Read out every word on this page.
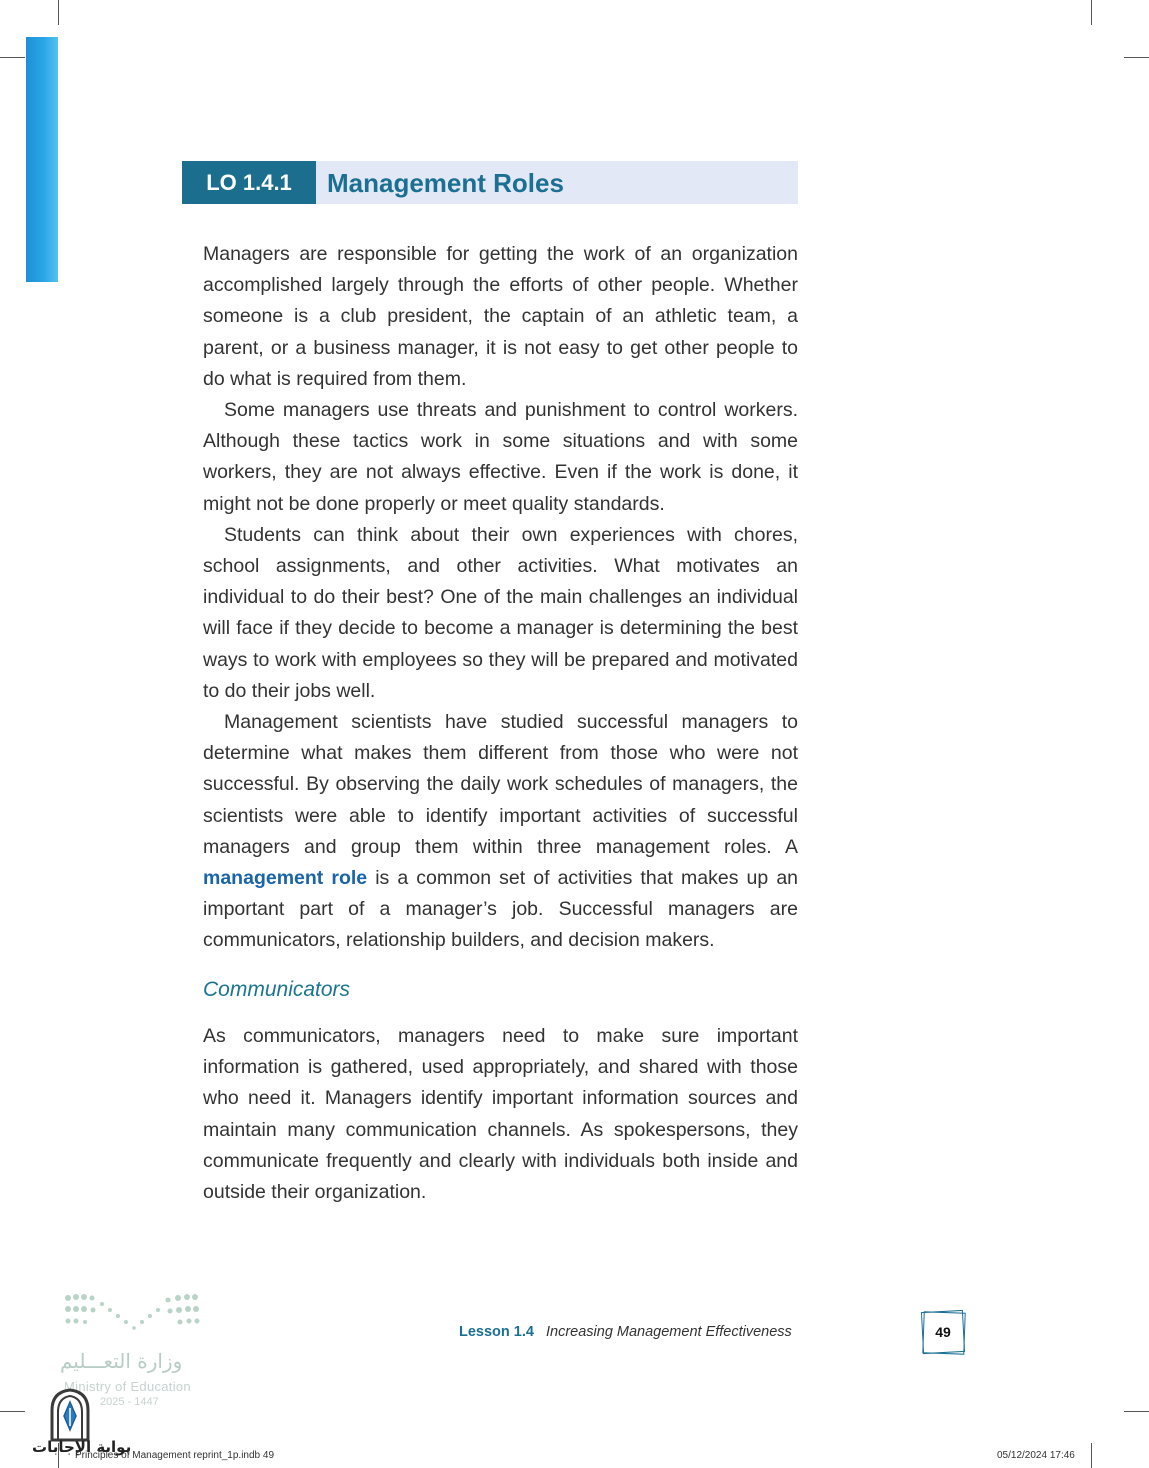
LO 1.4.1	Management Roles

Managers are responsible for getting the work of an organization accomplished largely through the efforts of other people. Whether someone is a club president, the captain of an athletic team, a parent, or a business manager, it is not easy to get other people to do what is required from them.

Some managers use threats and punishment to control workers. Although these tactics work in some situations and with some workers, they are not always effective. Even if the work is done, it might not be done properly or meet quality standards.

Students can think about their own experiences with chores, school assignments, and other activities. What motivates an individual to do their best? One of the main challenges an individual will face if they decide to become a manager is determining the best ways to work with employees so they will be prepared and motivated to do their jobs well.

Management scientists have studied successful managers to determine what makes them different from those who were not successful. By observing the daily work schedules of managers, the scientists were able to identify important activities of successful managers and group them within three management roles. A management role is a common set of activities that makes up an important part of a manager’s job. Successful managers are communicators, relationship builders, and decision makers.

Communicators

As communicators, managers need to make sure important information is gathered, used appropriately, and shared with those who need it. Managers identify important information sources and maintain many communication channels. As spokespersons, they communicate frequently and clearly with individuals both inside and outside their organization.

Lesson 1.4 Increasing Management Effectiveness	49
وزارة التعـــليم
Ministry of Education
2025 - 1447
بوابة الإجابات
Principles of Management reprint_1p.indb 49	05/12/2024 17:46
